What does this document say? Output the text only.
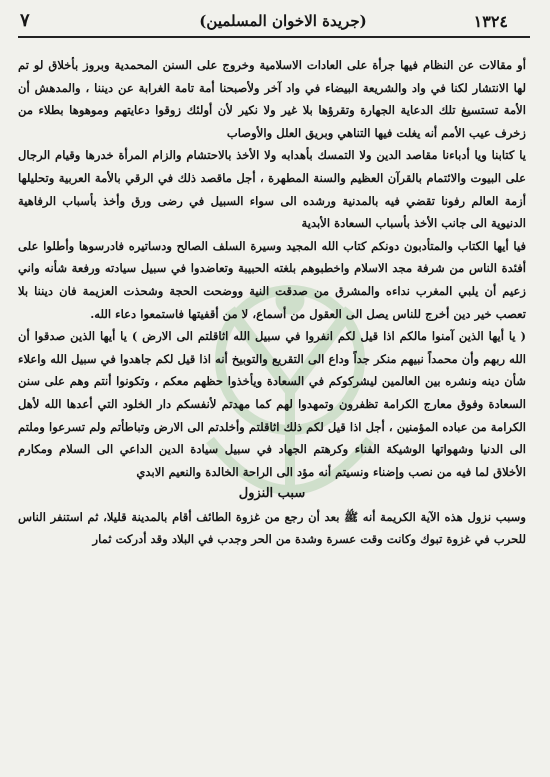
١٣٢٤
(جريدة الاخوان المسلمين)
٧

أو مقالات عن النظام فيها جرأة على العادات الاسلامية وخروج على السنن المحمدية وبروز بأخلاق لو تم لها الانتشار لكنا في واد والشريعة البيضاء في واد آخر ولأصبحنا أمة تامة الغرابة عن ديننا ، والمدهش أن الأمة تستسيغ تلك الدعاية الجهارة وتقرؤها بلا غير ولا نكير لأن أولئك زوقوا دعايتهم وموهوها بطلاء من زخرف عيب الأمم أنه يغلت فيها التناهي وبريق العلل والأوصاب

يا كتابنا ويا أدباءنا مقاصد الدين ولا التمسك بأهدابه ولا الأخذ بالاحتشام والزام المرأة خدرها وقيام الرجال على البيوت والائتمام بالقرآن العظيم والسنة المطهرة ، أجل ماقصد ذلك في الرقي بالأمة العربية وتحليلها أزمة العالم رفونا تقضي فيه بالمدنية ورشده الى سواء السبيل في رضى ورق وأخذ بأسباب الرفاهية الدنيوية الى جانب الأخذ بأسباب السعادة الأبدية

فيا أيها الكتاب والمتأدبون دونكم كتاب الله المجيد وسيرة السلف الصالح ودساتيره فادرسوها وأطلوا على أفئدة الناس من شرفة مجد الاسلام واخطبوهم بلغته الحبيبة وتعاضدوا في سبيل سيادته ورفعة شأنه واني زعيم أن يلبي المغرب نداءه والمشرق من صدقت النية ووضحت الحجة وشحذت العزيمة فان ديننا بلا تعصب خير دين أخرج للناس يصل الى العقول من أسماع، لا من أقفيتها فاستمعوا دعاء الله.

( يا أيها الذين آمنوا مالكم اذا قيل لكم انفروا في سبيل الله اثاقلتم الى الارض ) يا أيها الذين صدقوا أن الله ربهم وأن محمداً نبيهم منكر جداً وداع الى التقريع والتوبيخ أنه اذا قيل لكم جاهدوا في سبيل الله واعلاء شأن دينه ونشره بين العالمين ليشركوكم في السعادة ويأخذوا حظهم معكم ، وتكونوا أنتم وهم على سنن السعادة وفوق معارج الكرامة تظفرون وتمهدوا لهم كما مهدتم لأنفسكم دار الخلود التي أعدها الله لأهل الكرامة من عباده المؤمنين ، أجل اذا قيل لكم ذلك اثاقلتم وأخلدتم الى الارض وتباطأتم ولم تسرعوا وملتم الى الدنيا وشهواتها الوشيكة الفناء وكرهتم الجهاد في سبيل سيادة الدين الداعي الى السلام ومكارم الأخلاق لما فيه من نصب وإضناء ونسيتم أنه مؤد الى الراحة الخالدة والنعيم الابدي

سبب النزول

وسبب نزول هذه الآية الكريمة أنه ﷺ بعد أن رجع من غزوة الطائف أقام بالمدينة قليلا، ثم استنفر الناس للحرب في غزوة تبوك وكانت وقت عسرة وشدة من الحر وجدب في البلاد وقد أدركت ثمار
